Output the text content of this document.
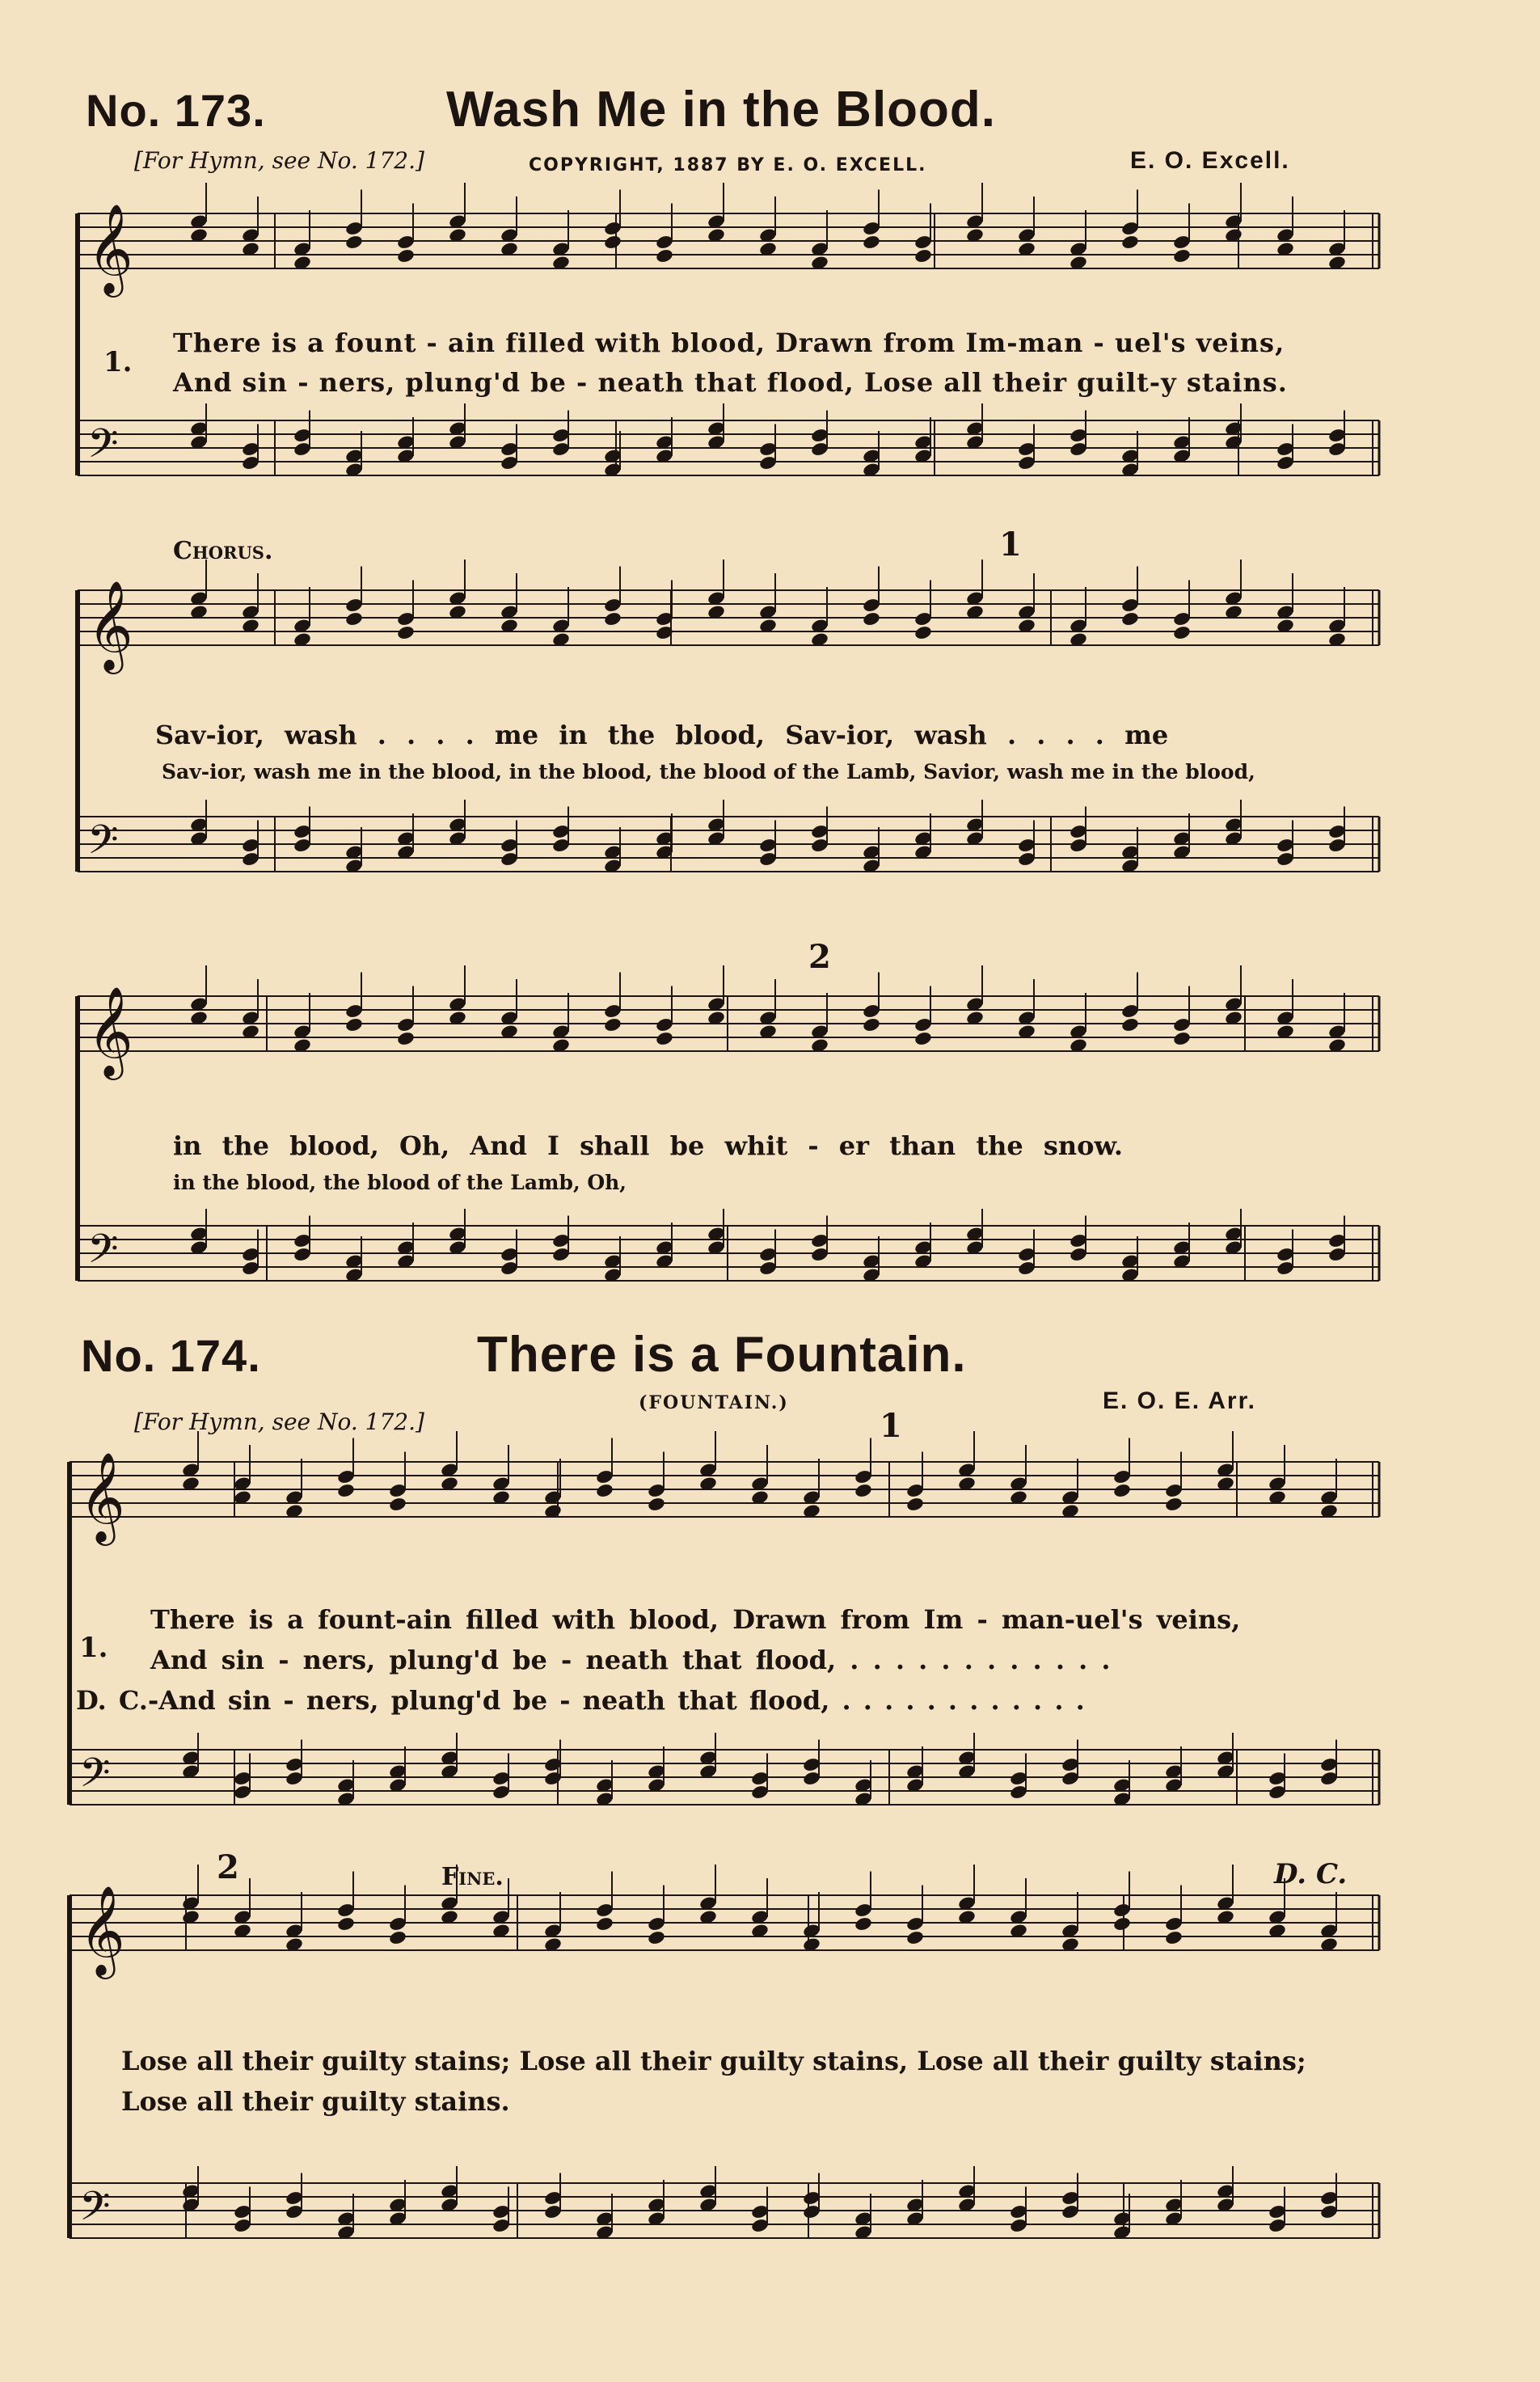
𝄞
𝄢
𝄞
𝄢
𝄞
𝄢
𝄞
𝄢
𝄞
𝄢
No. 173.	Wash Me in the Blood.
[For Hymn, see No. 172.]	COPYRIGHT, 1887 BY E. O. EXCELL.	E. O. Excell.
1.
There is a fount - ain filled with blood, Drawn from Im-man - uel's veins,
And sin - ners, plung'd be - neath that flood, Lose all their guilt-y stains.
Chorus.
Sav-ior, wash . . . . me in the blood, Sav-ior, wash . . . . me
Sav-ior, wash me in the blood, in the blood, the blood of the Lamb, Savior, wash me in the blood,
in the blood, Oh, And I shall be whit - er than the snow.
in the blood, the blood of the Lamb, Oh,
1
2
No. 174.	There is a Fountain.
(FOUNTAIN.)
[For Hymn, see No. 172.]
E. O. E. Arr.
1
1.
There is a fount-ain filled with blood, Drawn from Im - man-uel's veins,
And sin - ners, plung'd be - neath that flood, . . . . . . . . . . . .
D. C.-And sin - ners, plung'd be - neath that flood, . . . . . . . . . . . .
2	Fine.	D. C.
Lose all their guilty stains; Lose all their guilty stains, Lose all their guilty stains;
Lose all their guilty stains.
